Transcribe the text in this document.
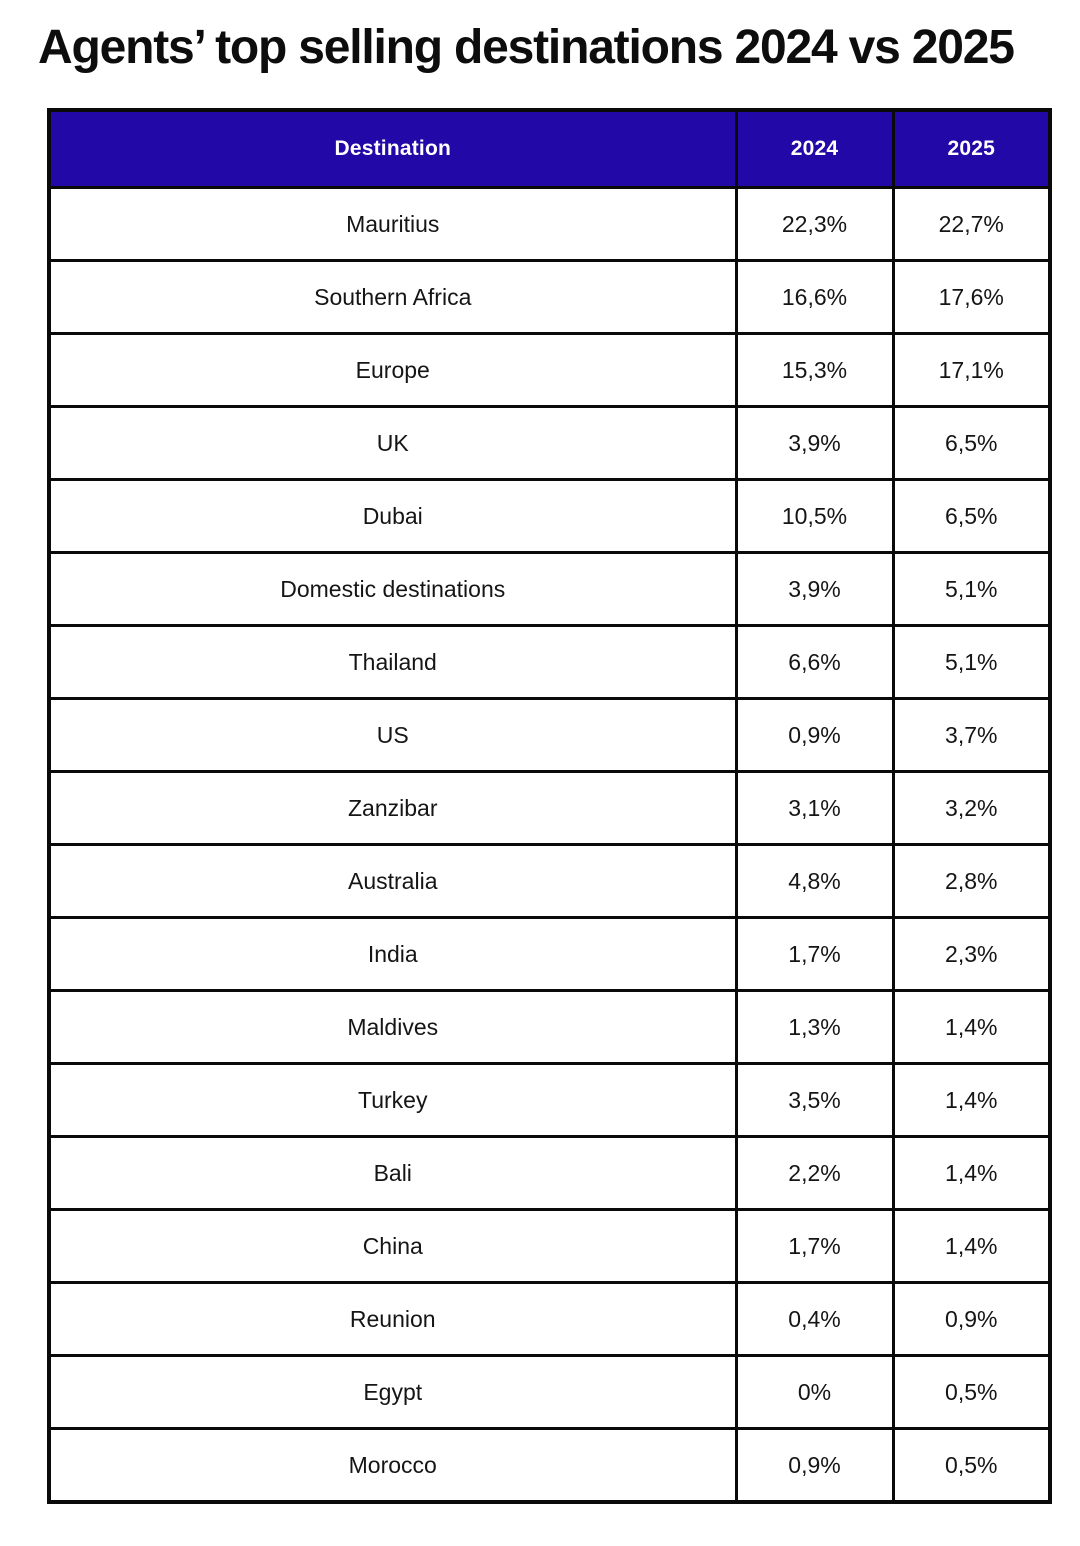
Agents’ top selling destinations 2024 vs 2025
Destination	2024	2025
Mauritius	22,3%	22,7%
Southern Africa	16,6%	17,6%
Europe	15,3%	17,1%
UK	3,9%	6,5%
Dubai	10,5%	6,5%
Domestic destinations	3,9%	5,1%
Thailand	6,6%	5,1%
US	0,9%	3,7%
Zanzibar	3,1%	3,2%
Australia	4,8%	2,8%
India	1,7%	2,3%
Maldives	1,3%	1,4%
Turkey	3,5%	1,4%
Bali	2,2%	1,4%
China	1,7%	1,4%
Reunion	0,4%	0,9%
Egypt	0%	0,5%
Morocco	0,9%	0,5%
